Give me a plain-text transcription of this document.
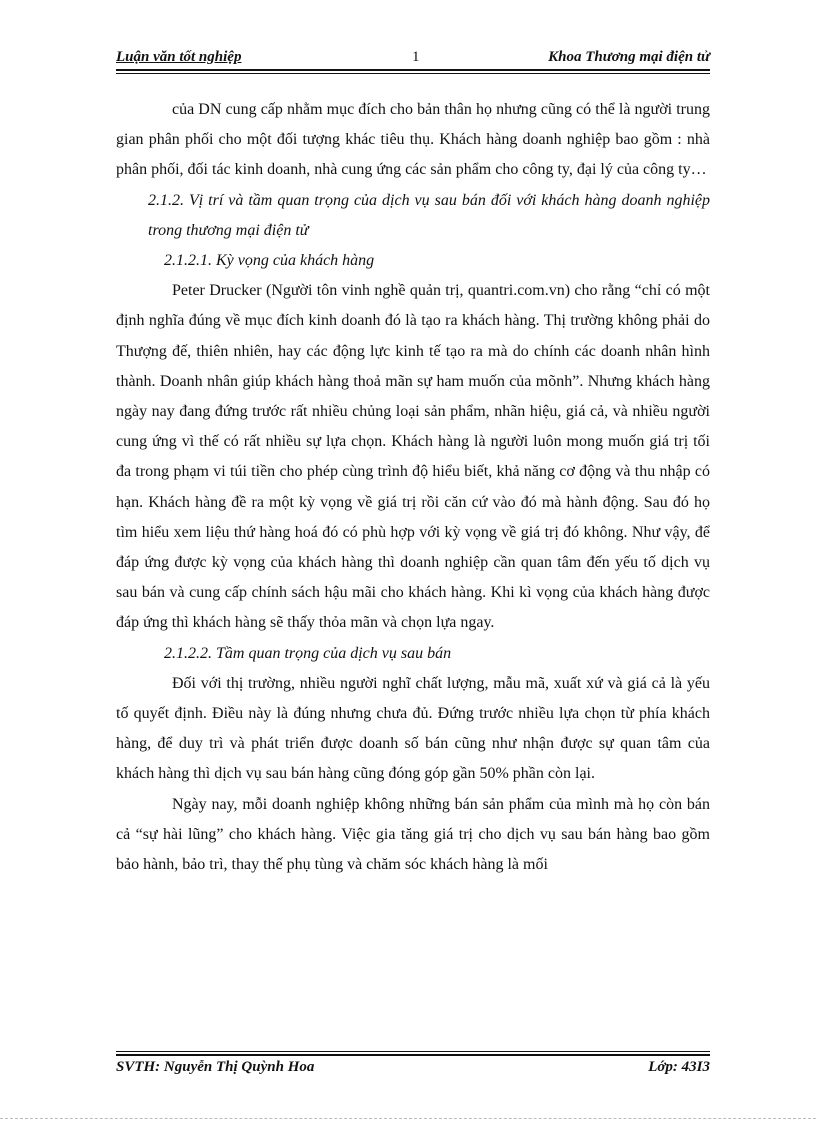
Luận văn tốt nghiệp	1	Khoa Thương mại điện tử

của DN cung cấp nhằm mục đích cho bản thân họ nhưng cũng có thể là người trung gian phân phối cho một đối tượng khác tiêu thụ. Khách hàng doanh nghiệp bao gồm : nhà phân phối, đối tác kinh doanh, nhà cung ứng các sản phẩm cho công ty, đại lý của công ty…

2.1.2. Vị trí và tầm quan trọng của dịch vụ sau bán đối với khách hàng doanh nghiệp trong thương mại điện tử

2.1.2.1. Kỳ vọng của khách hàng

Peter Drucker (Người tôn vinh nghề quản trị, quantri.com.vn) cho rằng “chỉ có một định nghĩa đúng về mục đích kinh doanh đó là tạo ra khách hàng. Thị trường không phải do Thượng đế, thiên nhiên, hay các động lực kinh tế tạo ra mà do chính các doanh nhân hình thành. Doanh nhân giúp khách hàng thoả mãn sự ham muốn của mõnh”. Nhưng khách hàng ngày nay đang đứng trước rất nhiều chủng loại sản phẩm, nhãn hiệu, giá cả, và nhiều người cung ứng vì thế có rất nhiều sự lựa chọn. Khách hàng là người luôn mong muốn giá trị tối đa trong phạm vi túi tiền cho phép cùng trình độ hiểu biết, khả năng cơ động và thu nhập có hạn. Khách hàng đề ra một kỳ vọng về giá trị rồi căn cứ vào đó mà hành động. Sau đó họ tìm hiểu xem liệu thứ hàng hoá đó có phù hợp với kỳ vọng về giá trị đó không. Như vậy, để đáp ứng được kỳ vọng của khách hàng thì doanh nghiệp cần quan tâm đến yếu tố dịch vụ sau bán và cung cấp chính sách hậu mãi cho khách hàng. Khi kì vọng của khách hàng được đáp ứng thì khách hàng sẽ thấy thỏa mãn và chọn lựa ngay.

2.1.2.2. Tầm quan trọng của dịch vụ sau bán

Đối với thị trường, nhiều người nghĩ chất lượng, mẫu mã, xuất xứ và giá cả là yếu tố quyết định. Điều này là đúng nhưng chưa đủ. Đứng trước nhiều lựa chọn từ phía khách hàng, để duy trì và phát triển được doanh số bán cũng như nhận được sự quan tâm của khách hàng thì dịch vụ sau bán hàng cũng đóng góp gần 50% phần còn lại.

Ngày nay, mỗi doanh nghiệp không những bán sản phẩm của mình mà họ còn bán cả “sự hài lũng” cho khách hàng. Việc gia tăng giá trị cho dịch vụ sau bán hàng bao gồm bảo hành, bảo trì, thay thế phụ tùng và chăm sóc khách hàng là mối

SVTH: Nguyễn Thị Quỳnh Hoa	Lớp: 43I3
